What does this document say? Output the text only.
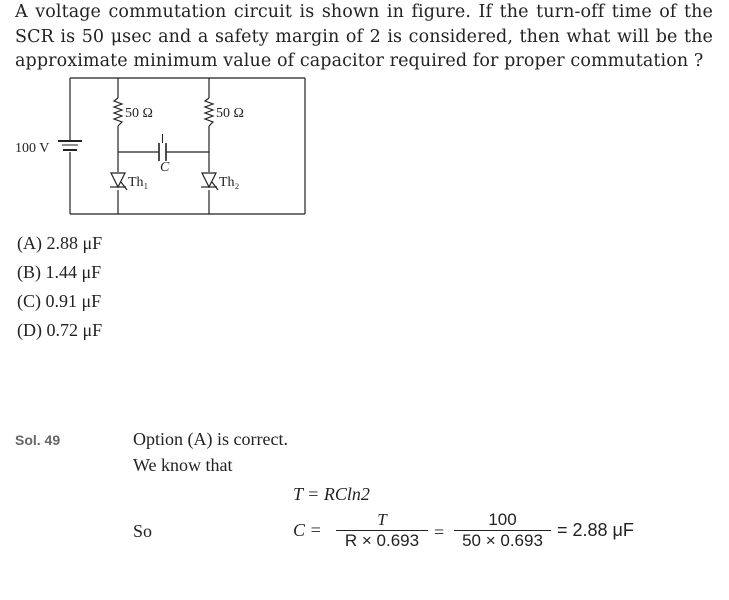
A voltage commutation circuit is shown in figure. If the turn-off time of the SCR is 50 μsec and a safety margin of 2 is considered, then what will be the approximate minimum value of capacitor required for proper commutation ?
100 V
50 Ω	50 Ω
C
Th₁	Th₂
(A) 2.88 μF
(B) 1.44 μF
(C) 0.91 μF
(D) 0.72 μF
Sol. 49	Option (A) is correct.
We know that
T = RCln2
So	C =
T
R × 0.693 =
100
50 × 0.693
= 2.88 μF
